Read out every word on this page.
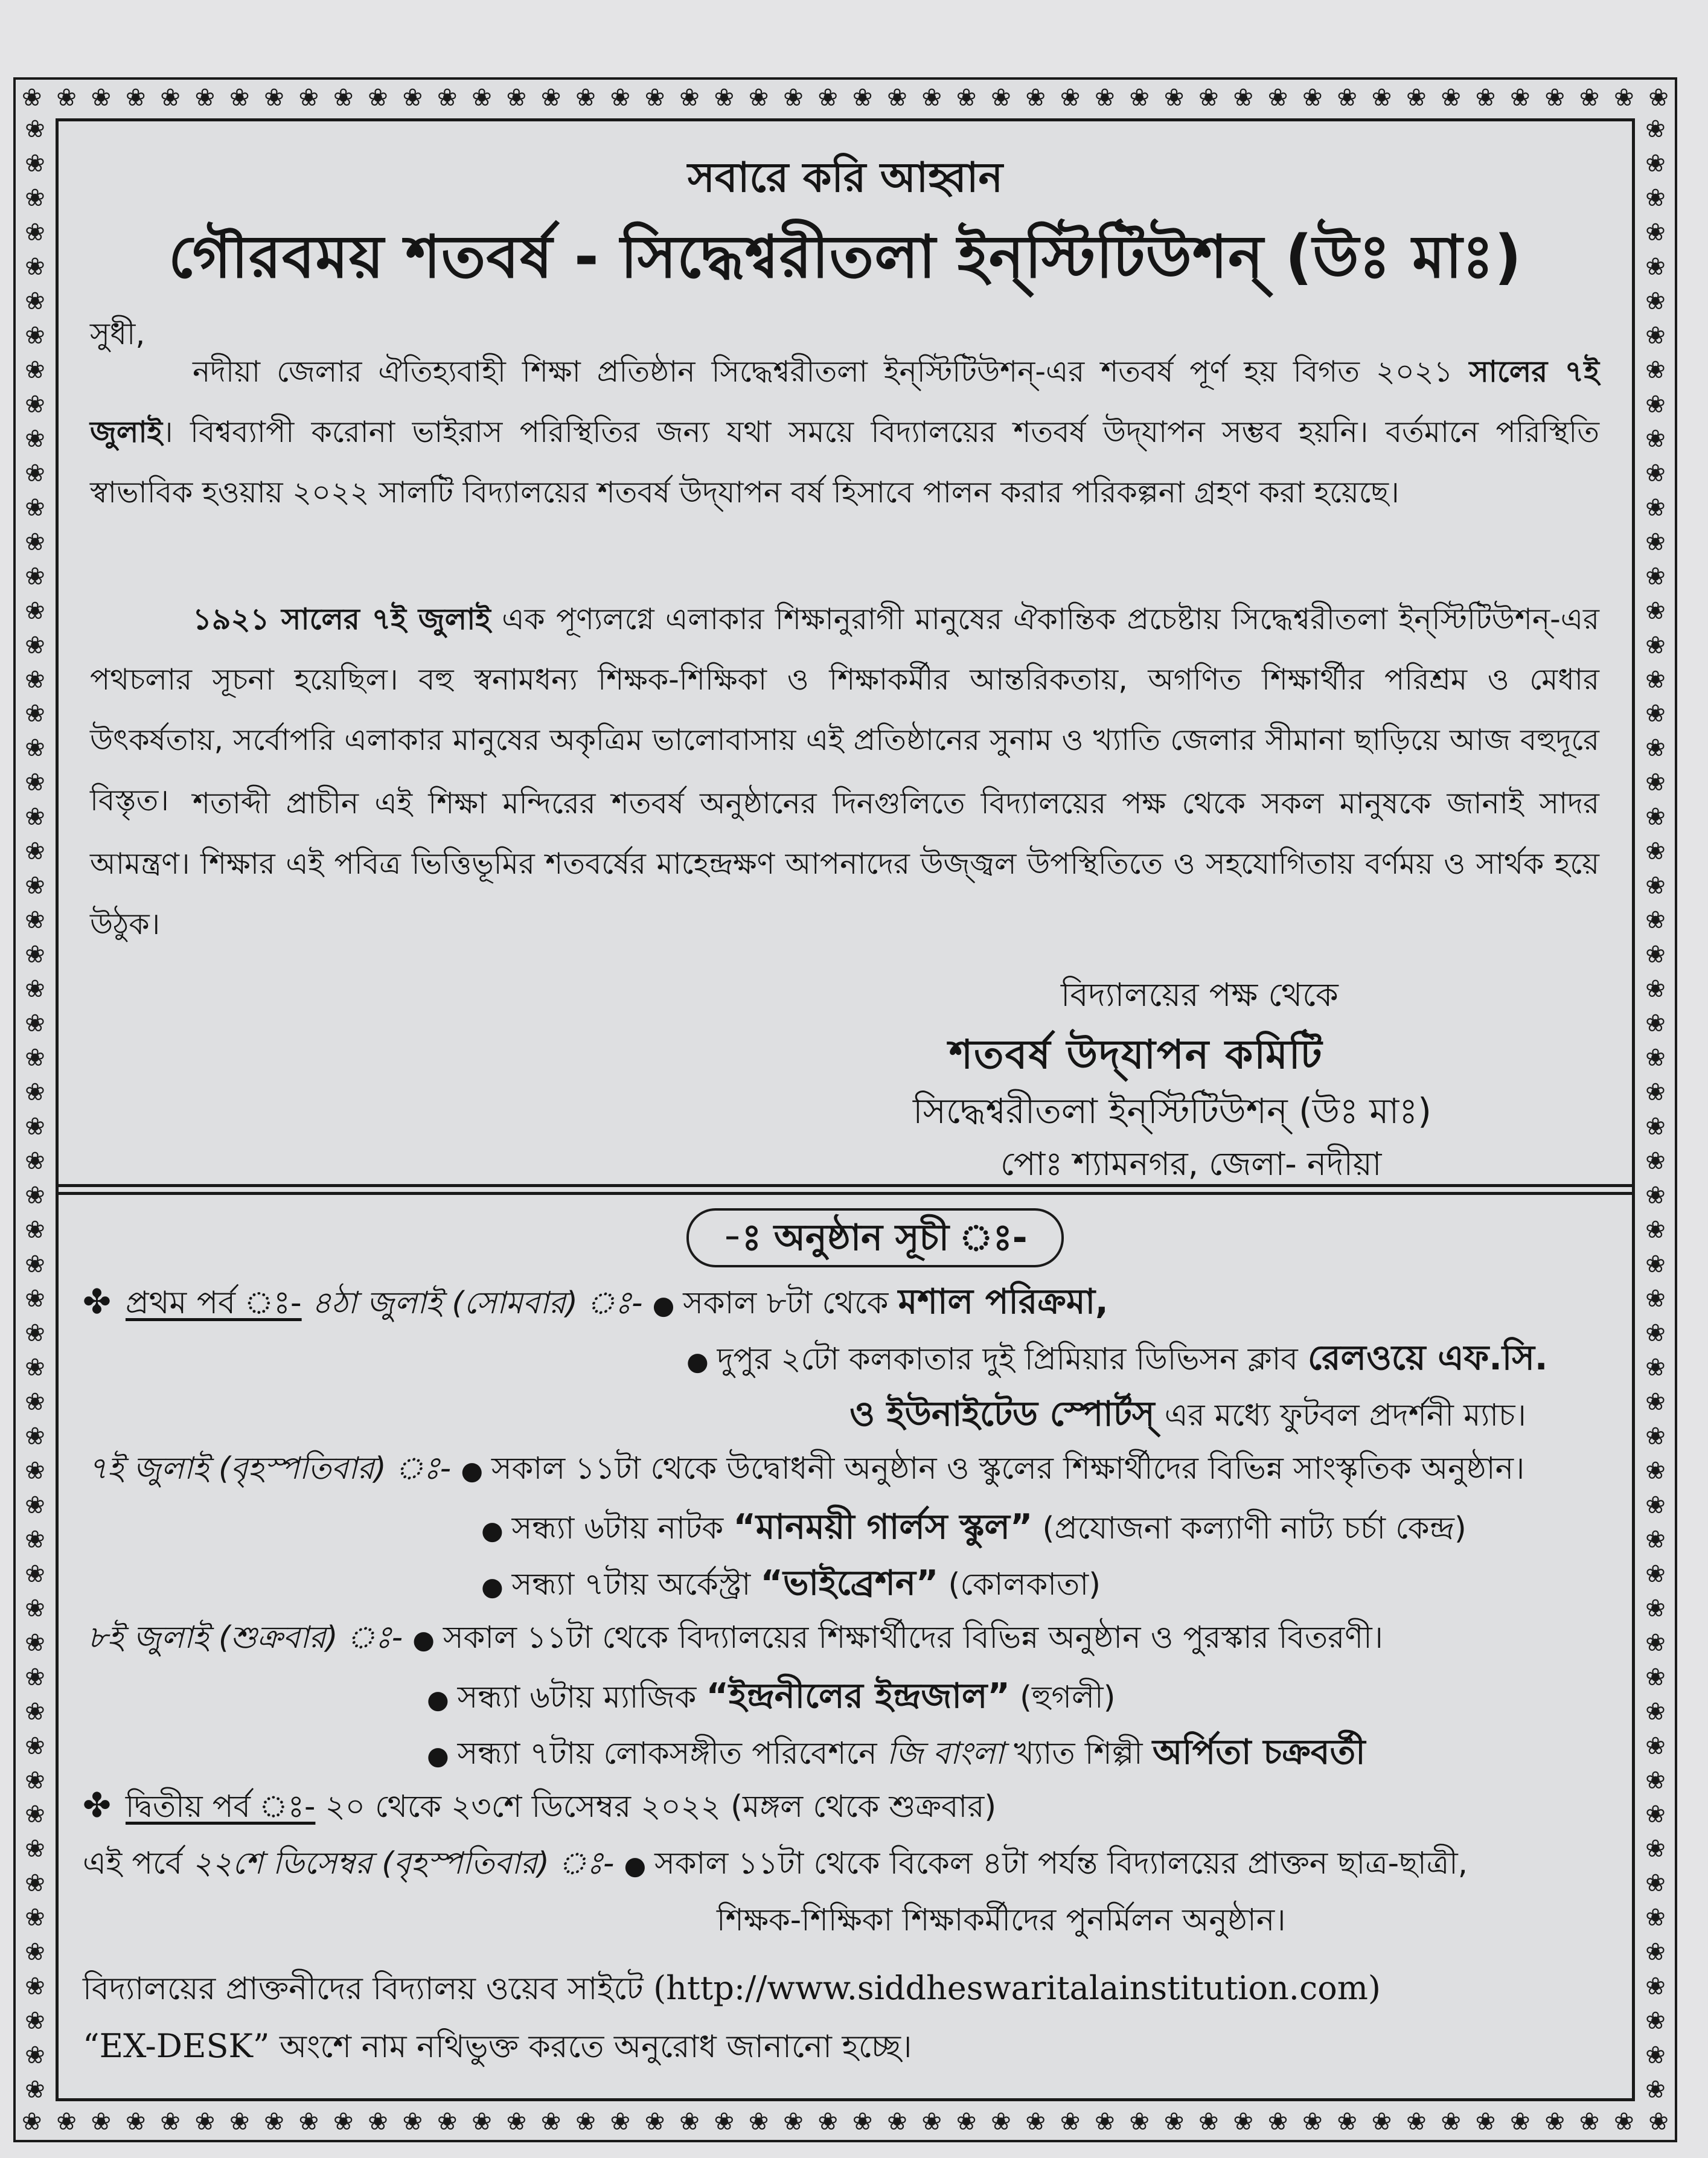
❀ ❀ ❀ ❀ ❀ ❀ ❀ ❀ ❀ ❀ ❀ ❀ ❀ ❀ ❀ ❀ ❀ ❀ ❀ ❀ ❀ ❀ ❀ ❀ ❀ ❀ ❀ ❀ ❀ ❀ ❀ ❀ ❀ ❀ ❀ ❀ ❀ ❀ ❀ ❀ ❀ ❀ ❀ ❀ ❀ ❀ ❀ ❀
❀ ❀ ❀ ❀ ❀ ❀ ❀ ❀ ❀ ❀ ❀ ❀ ❀ ❀ ❀ ❀ ❀ ❀ ❀ ❀ ❀ ❀ ❀ ❀ ❀ ❀ ❀ ❀ ❀ ❀ ❀ ❀ ❀ ❀ ❀ ❀ ❀ ❀ ❀ ❀ ❀ ❀ ❀ ❀ ❀ ❀ ❀ ❀
❀
❀
❀
❀
❀
❀
❀
❀
❀
❀
❀
❀
❀
❀
❀
❀
❀
❀
❀
❀
❀
❀
❀
❀
❀
❀
❀
❀
❀
❀
❀
❀
❀
❀
❀
❀
❀
❀
❀
❀
❀
❀
❀
❀
❀
❀
❀
❀
❀
❀
❀
❀
❀
❀
❀
❀
❀
❀
❀
❀
❀
❀
❀
❀
❀
❀
❀
❀
❀
❀
❀
❀
❀
❀
❀
❀
❀
❀
❀
❀
❀
❀
❀
❀
❀
❀
❀
❀
❀
❀
❀
❀
❀
❀
❀
❀
❀
❀
❀
❀
❀
❀
❀
❀
❀
❀
❀
❀
❀
❀
❀
❀
❀
❀
❀
❀
সবারে করি আহ্বান
গৌরবময় শতবর্ষ - সিদ্ধেশ্বরীতলা ইন্‌স্টিটিউশন্ (উঃ মাঃ)
সুধী,
নদীয়া জেলার ঐতিহ্যবাহী শিক্ষা প্রতিষ্ঠান সিদ্ধেশ্বরীতলা ইন্‌স্টিটিউশন্-এর শতবর্ষ পূর্ণ হয় বিগত ২০২১ সালের ৭ই জুলাই। বিশ্বব্যাপী করোনা ভাইরাস পরিস্থিতির জন্য যথা সময়ে বিদ্যালয়ের শতবর্ষ উদ্‌যাপন সম্ভব হয়নি। বর্তমানে পরিস্থিতি স্বাভাবিক হওয়ায় ২০২২ সালটি বিদ্যালয়ের শতবর্ষ উদ্‌যাপন বর্ষ হিসাবে পালন করার পরিকল্পনা গ্রহণ করা হয়েছে।
১৯২১ সালের ৭ই জুলাই এক পূণ্যলগ্নে এলাকার শিক্ষানুরাগী মানুষের ঐকান্তিক প্রচেষ্টায় সিদ্ধেশ্বরীতলা ইন্‌স্টিটিউশন্-এর পথচলার সূচনা হয়েছিল। বহু স্বনামধন্য শিক্ষক-শিক্ষিকা ও শিক্ষাকর্মীর আন্তরিকতায়, অগণিত শিক্ষার্থীর পরিশ্রম ও মেধার উৎকর্ষতায়, সর্বোপরি এলাকার মানুষের অকৃত্রিম ভালোবাসায় এই প্রতিষ্ঠানের সুনাম ও খ্যাতি জেলার সীমানা ছাড়িয়ে আজ বহুদূরে বিস্তৃত। শতাব্দী প্রাচীন এই শিক্ষা মন্দিরের শতবর্ষ অনুষ্ঠানের দিনগুলিতে বিদ্যালয়ের পক্ষ থেকে সকল মানুষকে জানাই সাদর আমন্ত্রণ। শিক্ষার এই পবিত্র ভিত্তিভূমির শতবর্ষের মাহেন্দ্রক্ষণ আপনাদের উজ্জ্বল উপস্থিতিতে ও সহযোগিতায় বর্ণময় ও সার্থক হয়ে উঠুক।
বিদ্যালয়ের পক্ষ থেকে
শতবর্ষ উদ্‌যাপন কমিটি
সিদ্ধেশ্বরীতলা ইন্‌স্টিটিউশন্ (উঃ মাঃ)
পোঃ শ্যামনগর, জেলা- নদীয়া
-ঃ অনুষ্ঠান সূচী ঃ-
✤ প্রথম পর্ব ঃ- ৪ঠা জুলাই (সোমবার) ঃ- ● সকাল ৮টা থেকে মশাল পরিক্রমা,
● দুপুর ২টো কলকাতার দুই প্রিমিয়ার ডিভিসন ক্লাব রেলওয়ে এফ.সি.
ও ইউনাইটেড স্পোর্টস্ এর মধ্যে ফুটবল প্রদর্শনী ম্যাচ।
৭ই জুলাই (বৃহস্পতিবার) ঃ- ● সকাল ১১টা থেকে উদ্বোধনী অনুষ্ঠান ও স্কুলের শিক্ষার্থীদের বিভিন্ন সাংস্কৃতিক অনুষ্ঠান।
● সন্ধ্যা ৬টায় নাটক “মানময়ী গার্লস স্কুল” (প্রযোজনা কল্যাণী নাট্য চর্চা কেন্দ্র)
● সন্ধ্যা ৭টায় অর্কেস্ট্রা “ভাইব্রেশন” (কোলকাতা)
৮ই জুলাই (শুক্রবার) ঃ- ● সকাল ১১টা থেকে বিদ্যালয়ের শিক্ষার্থীদের বিভিন্ন অনুষ্ঠান ও পুরস্কার বিতরণী।
● সন্ধ্যা ৬টায় ম্যাজিক “ইন্দ্রনীলের ইন্দ্রজাল” (হুগলী)
● সন্ধ্যা ৭টায় লোকসঙ্গীত পরিবেশনে জি বাংলা খ্যাত শিল্পী অর্পিতা চক্রবর্তী
✤ দ্বিতীয় পর্ব ঃ- ২০ থেকে ২৩শে ডিসেম্বর ২০২২ (মঙ্গল থেকে শুক্রবার)
এই পর্বে ২২শে ডিসেম্বর (বৃহস্পতিবার) ঃ- ● সকাল ১১টা থেকে বিকেল ৪টা পর্যন্ত বিদ্যালয়ের প্রাক্তন ছাত্র-ছাত্রী,
শিক্ষক-শিক্ষিকা শিক্ষাকর্মীদের পুনর্মিলন অনুষ্ঠান।
বিদ্যালয়ের প্রাক্তনীদের বিদ্যালয় ওয়েব সাইটে (http://www.siddheswaritalainstitution.com)
“EX-DESK” অংশে নাম নথিভুক্ত করতে অনুরোধ জানানো হচ্ছে।
